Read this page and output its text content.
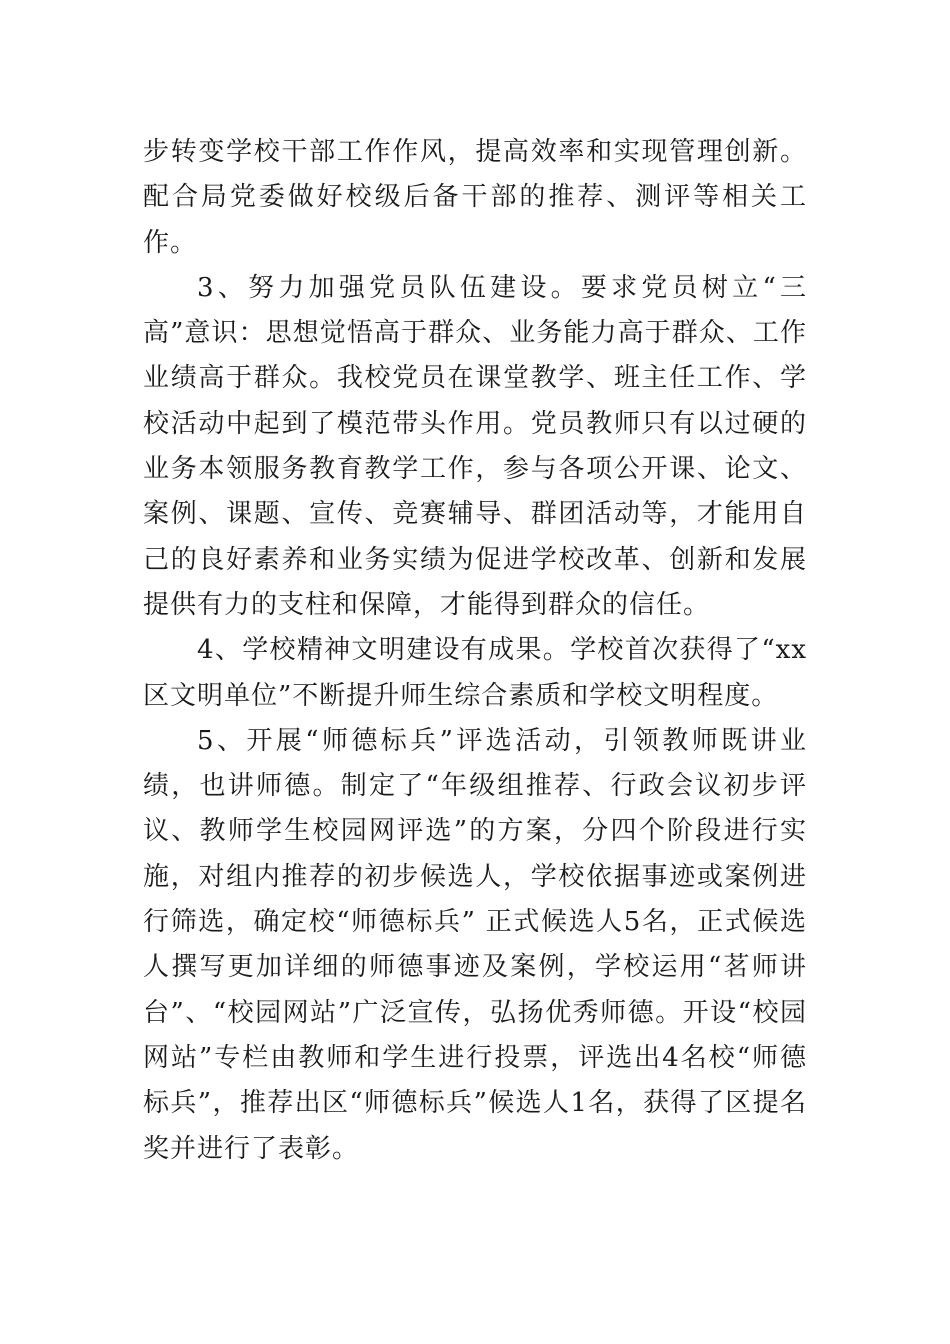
步转变学校干部工作作风，提高效率和实现管理创新。配合局党委做好校级后备干部的推荐、测评等相关工作。

3、努力加强党员队伍建设。要求党员树立“三高”意识：思想觉悟高于群众、业务能力高于群众、工作业绩高于群众。我校党员在课堂教学、班主任工作、学校活动中起到了模范带头作用。党员教师只有以过硬的业务本领服务教育教学工作，参与各项公开课、论文、案例、课题、宣传、竞赛辅导、群团活动等，才能用自己的良好素养和业务实绩为促进学校改革、创新和发展提供有力的支柱和保障，才能得到群众的信任。

4、学校精神文明建设有成果。学校首次获得了“xx区文明单位”不断提升师生综合素质和学校文明程度。

5、开展“师德标兵”评选活动，引领教师既讲业绩，也讲师德。制定了“年级组推荐、行政会议初步评议、教师学生校园网评选”的方案，分四个阶段进行实施，对组内推荐的初步候选人，学校依据事迹或案例进行筛选，确定校“师德标兵” 正式候选人5名，正式候选人撰写更加详细的师德事迹及案例，学校运用“茗师讲台”、“校园网站”广泛宣传，弘扬优秀师德。开设“校园网站”专栏由教师和学生进行投票，评选出4名校“师德标兵”，推荐出区“师德标兵”候选人1名，获得了区提名奖并进行了表彰。
